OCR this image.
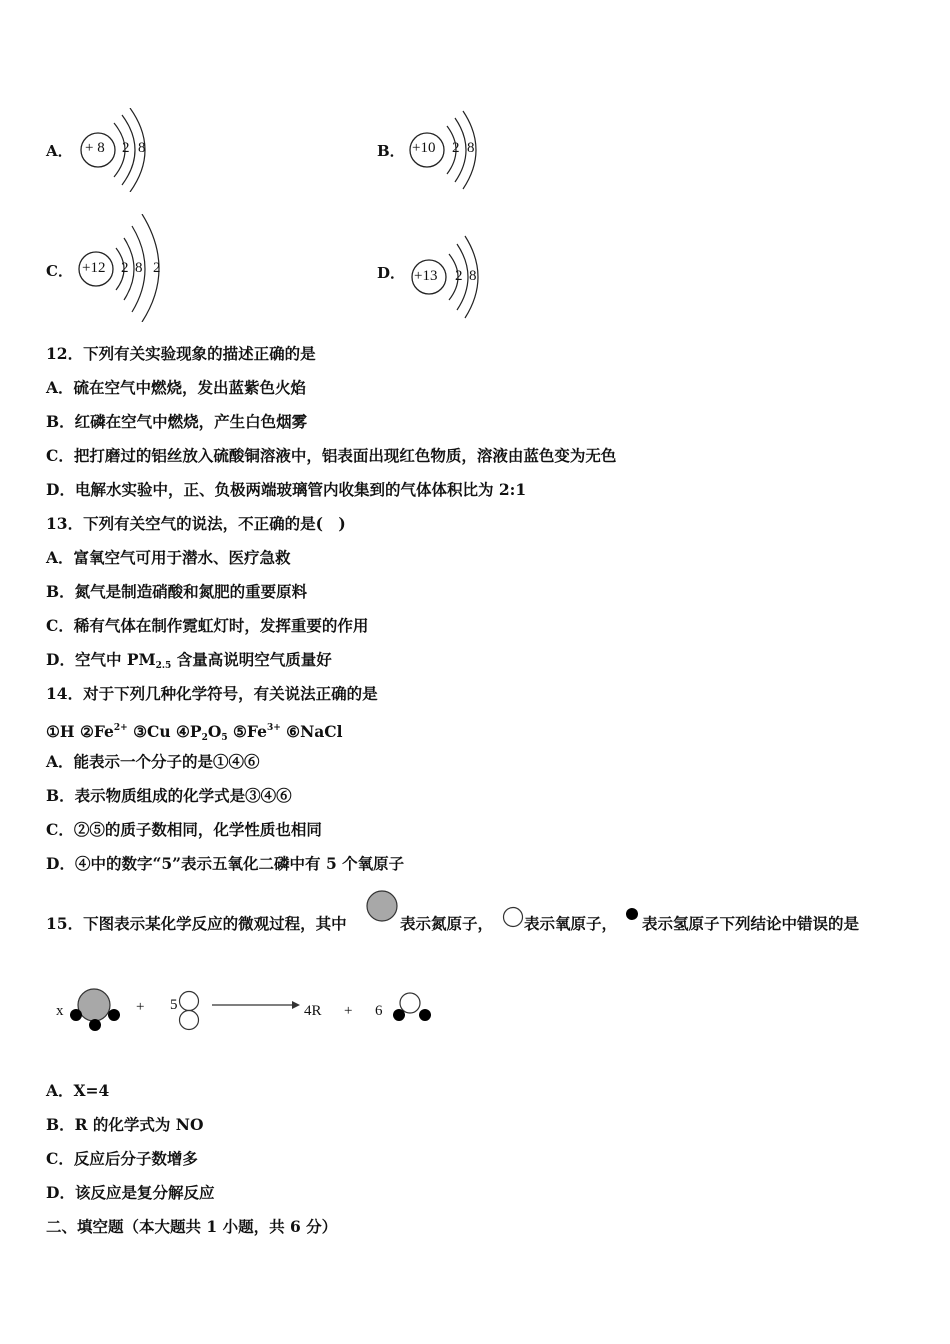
A． + 8 2 8	B． +10 2 8
C． +12 2 8 2	D． +13 2 8
12．下列有关实验现象的描述正确的是
A．硫在空气中燃烧，发出蓝紫色火焰
B．红磷在空气中燃烧，产生白色烟雾
C．把打磨过的铝丝放入硫酸铜溶液中，铝表面出现红色物质，溶液由蓝色变为无色
D．电解水实验中，正、负极两端玻璃管内收集到的气体体积比为 2:1
13．下列有关空气的说法，不正确的是(　)
A．富氧空气可用于潜水、医疗急救
B．氮气是制造硝酸和氮肥的重要原料
C．稀有气体在制作霓虹灯时，发挥重要的作用
D．空气中 $PM_{2.5}$ 含量高说明空气质量好
14．对于下列几种化学符号，有关说法正确的是
①H $②Fe^{2+}$ ③Cu $④P_2O_5$ $⑤Fe^{3+}$ ⑥NaCl
A．能表示一个分子的是①④⑥
B．表示物质组成的化学式是③④⑥
C．②⑤的质子数相同，化学性质也相同
D．④中的数字“5”表示五氧化二磷中有 5 个氧原子
15．下图表示某化学反应的微观过程，其中	表示氮原子， 表示氧原子， 表示氢原子下列结论中错误的是
x	+ 5	4R + 6
A．X=4
B．R 的化学式为 NO
C．反应后分子数增多
D．该反应是复分解反应
二、填空题（本大题共 1 小题，共 6 分）
